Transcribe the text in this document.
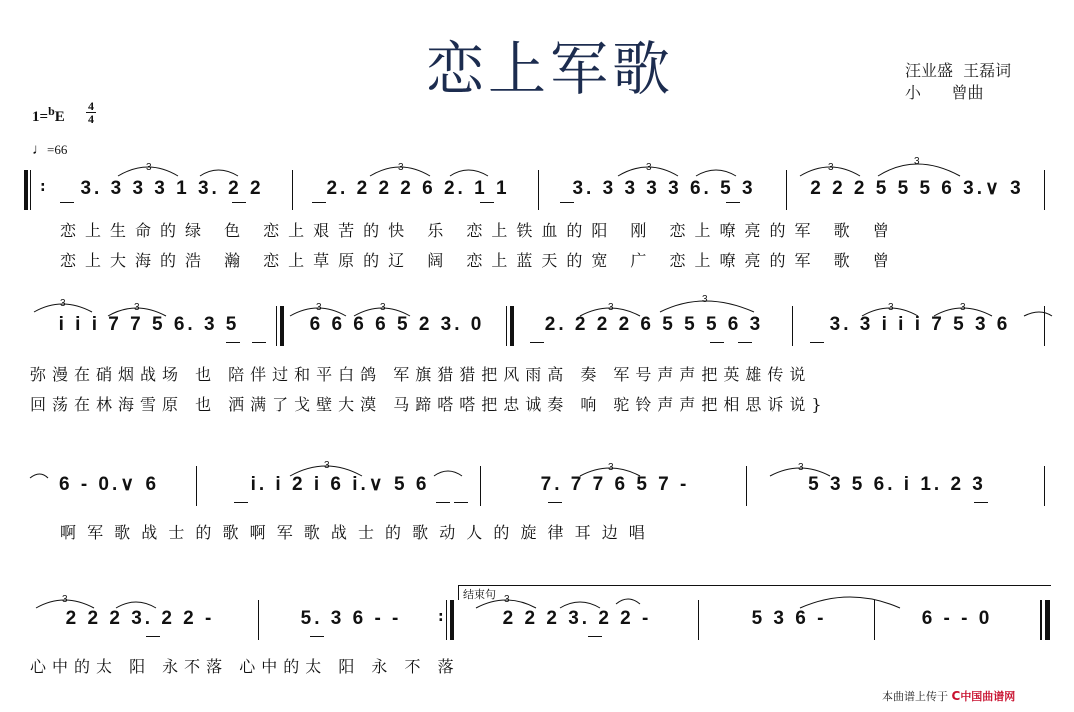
恋上军歌	汪业盛  王磊词
小      曾曲
1=$^b$E
4
4
♩=66
: 3. 3 3 3 1 3. 2 2	2. 2 2 2 6 2. 1 1	3. 3 3 3 3 6. 5 3	2 2 2 5 5 5 6 3.∨ 3
恋上生命的绿 色 恋上艰苦的快 乐 恋上铁血的阳 刚 恋上嘹亮的军 歌 曾
恋上大海的浩 瀚 恋上草原的辽 阔 恋上蓝天的宽 广 恋上嘹亮的军 歌 曾
i i i 7 7 5 6. 3 5	6 6 6 6 5 2 3. 0	2. 2 2 2 6 5 5 5 6 3	3. 3 i i i 7 5 3 6
弥漫在硝烟战场 也 陪伴过和平白鸽 军旗猎猎把风雨高 奏 军号声声把英雄传说
回荡在林海雪原 也 洒满了戈壁大漠 马蹄嗒嗒把忠诚奏 响 驼铃声声把相思诉说}
6 - 0.∨ 6	i. i 2 i 6 i.∨ 5 6	7. 7 7 6 5 7 -	5 3 5 6. i 1. 2 3
啊 军 歌 战 士 的 歌 啊 军 歌 战 士 的 歌 动 人 的 旋 律 耳 边 唱
结束句
2 2 2 3. 2 2 -	5. 3 6 - -	:	2 2 2 3. 2 2 -	5 3 6 -	6 - - 0
心中的太 阳 永不落 心中的太 阳 永 不 落
3	3	3	3
3
3	3	3	3	3
3
3	3
3	3	3
3	3
本曲谱上传于 C中国曲谱网
